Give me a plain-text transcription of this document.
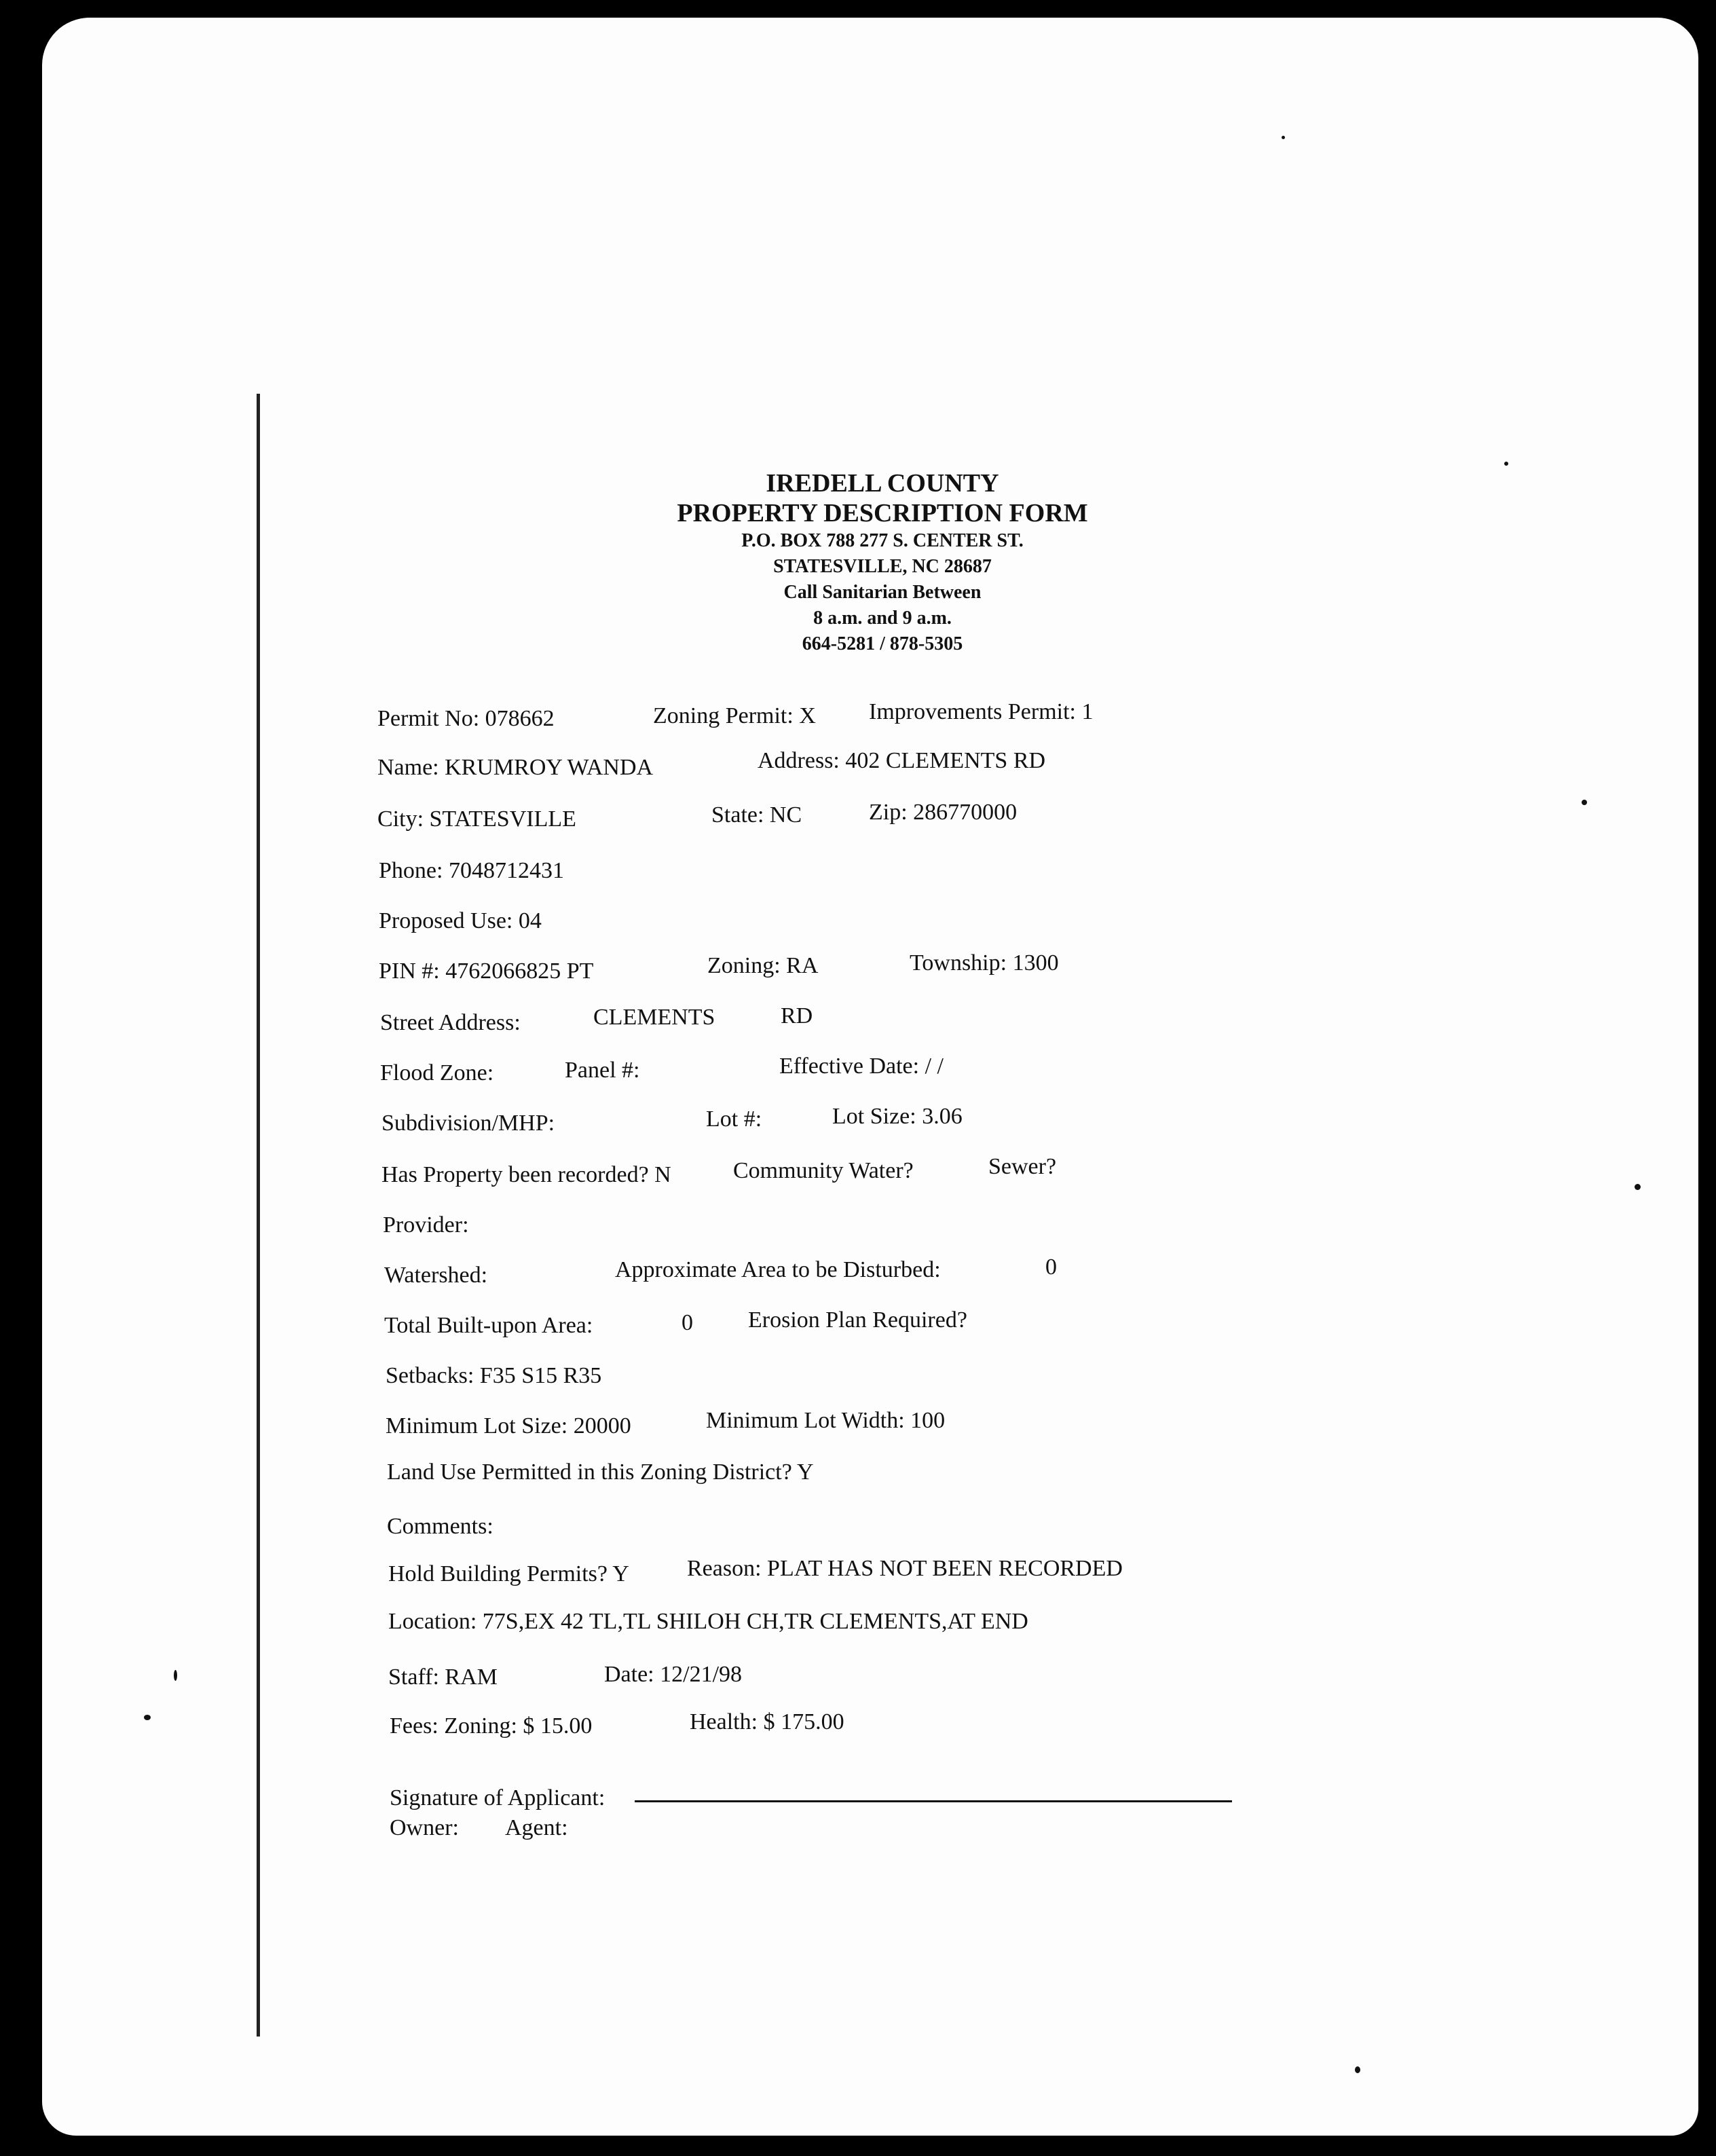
IREDELL COUNTY
PROPERTY DESCRIPTION FORM
P.O. BOX 788 277 S. CENTER ST.
STATESVILLE, NC 28687
Call Sanitarian Between
8 a.m. and 9 a.m.
664-5281 / 878-5305
Permit No: 078662	Zoning Permit: X Improvements Permit: 1
Name: KRUMROY WANDA	Address: 402 CLEMENTS RD
City: STATESVILLE	State: NC	Zip: 286770000
Phone: 7048712431
Proposed Use: 04
PIN #: 4762066825 PT	Zoning: RA	Township: 1300
Street Address:	CLEMENTS	RD
Flood Zone:	Panel #:	Effective Date: / /
Subdivision/MHP:	Lot #:	Lot Size: 3.06
Has Property been recorded? N	Community Water?	Sewer?
Provider:
Watershed:	Approximate Area to be Disturbed:	0
Total Built-upon Area:	0 Erosion Plan Required?
Setbacks: F35 S15 R35
Minimum Lot Size: 20000	Minimum Lot Width: 100
Land Use Permitted in this Zoning District? Y
Comments:
Hold Building Permits? Y	Reason: PLAT HAS NOT BEEN RECORDED
Location: 77S,EX 42 TL,TL SHILOH CH,TR CLEMENTS,AT END
Staff: RAM	Date: 12/21/98
Fees: Zoning: $ 15.00	Health: $ 175.00
Signature of Applicant:
Owner: Agent:
